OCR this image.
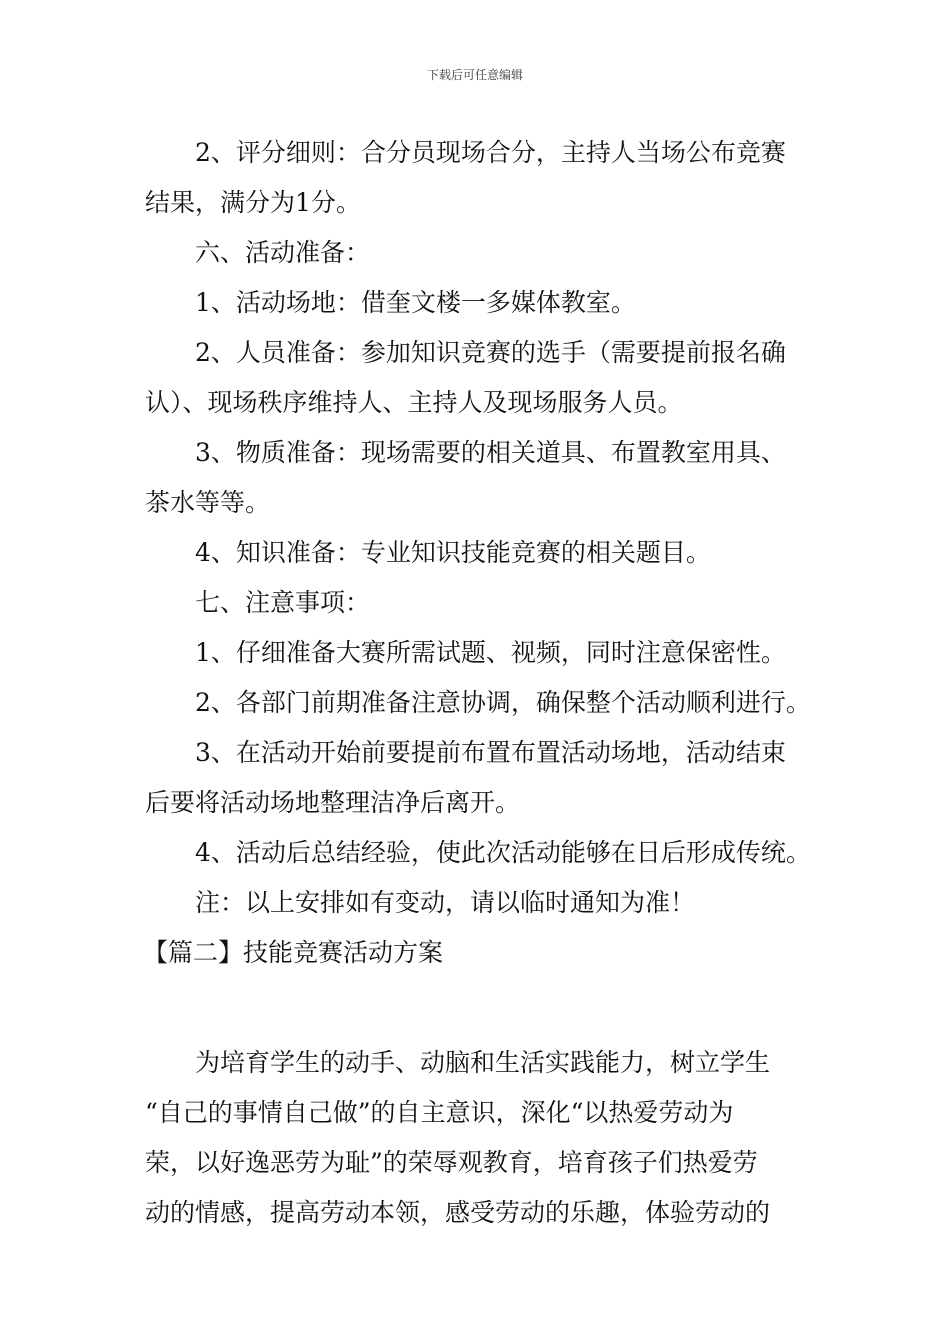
下载后可任意编辑

2、评分细则：合分员现场合分，主持人当场公布竞赛

结果，满分为1分。

六、活动准备：

1、活动场地：借奎文楼一多媒体教室。

2、人员准备：参加知识竞赛的选手（需要提前报名确

认）、现场秩序维持人、主持人及现场服务人员。

3、物质准备：现场需要的相关道具、布置教室用具、

茶水等等。

4、知识准备：专业知识技能竞赛的相关题目。

七、注意事项：

1、仔细准备大赛所需试题、视频，同时注意保密性。

2、各部门前期准备注意协调，确保整个活动顺利进行。

3、在活动开始前要提前布置布置活动场地，活动结束

后要将活动场地整理洁净后离开。

4、活动后总结经验，使此次活动能够在日后形成传统。

注：以上安排如有变动，请以临时通知为准！

【篇二】技能竞赛活动方案

为培育学生的动手、动脑和生活实践能力，树立学生

“自己的事情自己做”的自主意识，深化“以热爱劳动为

荣，以好逸恶劳为耻”的荣辱观教育，培育孩子们热爱劳

动的情感，提高劳动本领，感受劳动的乐趣，体验劳动的
